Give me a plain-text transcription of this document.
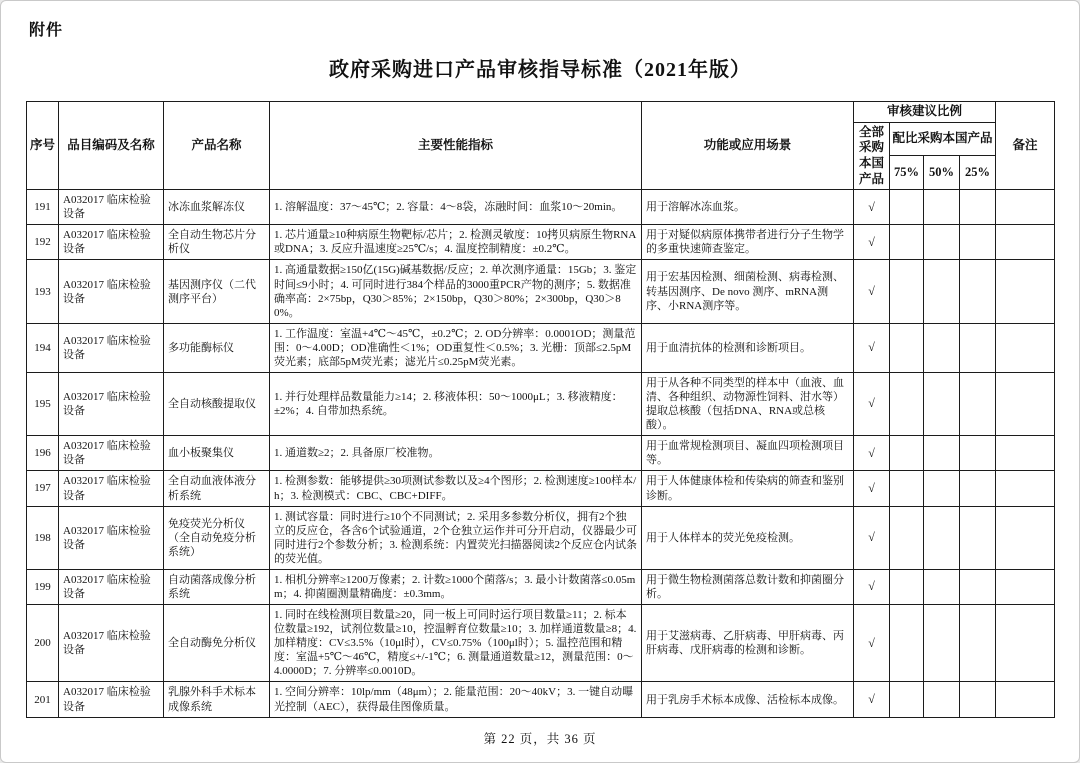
附件
政府采购进口产品审核指导标准（2021年版）
序号	品目编码及名称	产品名称	主要性能指标	功能或应用场景	审核建议比例				备注
					全部采购本国产品	配比采购本国产品			
						75%	50%	25%	
191	A032017 临床检验设备	冰冻血浆解冻仪	1. 溶解温度：37～45℃；2. 容量：4～8袋，冻融时间：血浆10～20min。	用于溶解冰冻血浆。	√				
192	A032017 临床检验设备	全自动生物芯片分析仪	1. 芯片通量≥10种病原生物靶标/芯片；2. 检测灵敏度：10拷贝病原生物RNA或DNA；3. 反应升温速度≥25℃/s；4. 温度控制精度：±0.2℃。	用于对疑似病原体携带者进行分子生物学的多重快速筛查鉴定。	√				
193	A032017 临床检验设备	基因测序仪（二代测序平台）	1. 高通量数据≥150亿(15G)碱基数据/反应；2. 单次测序通量：15Gb；3. 鉴定时间≤9小时；4. 可同时进行384个样品的3000重PCR产物的测序；5. 数据准确率高：2×75bp，Q30＞85%；2×150bp，Q30＞80%；2×300bp，Q30＞80%。	用于宏基因检测、细菌检测、病毒检测、转基因测序、De novo 测序、mRNA测序、小RNA测序等。	√				
194	A032017 临床检验设备	多功能酶标仪	1. 工作温度：室温+4℃～45℃，±0.2℃；2. OD分辨率：0.0001OD；测量范围：0～4.00D；OD准确性＜1%；OD重复性＜0.5%；3. 光栅：顶部≤2.5pM荧光素；底部5pM荧光素；滤光片≤0.25pM荧光素。	用于血清抗体的检测和诊断项目。	√				
195	A032017 临床检验设备	全自动核酸提取仪	1. 并行处理样品数量能力≥14；2. 移液体积：50～1000μL；3. 移液精度：±2%；4. 自带加热系统。	用于从各种不同类型的样本中（血液、血清、各种组织、动物源性饲料、泔水等）提取总核酸（包括DNA、RNA或总核酸）。	√				
196	A032017 临床检验设备	血小板聚集仪	1. 通道数≥2；2. 具备原厂校准物。	用于血常规检测项目、凝血四项检测项目等。	√				
197	A032017 临床检验设备	全自动血液体液分析系统	1. 检测参数：能够提供≥30项测试参数以及≥4个图形；2. 检测速度≥100样本/h；3. 检测模式：CBC、CBC+DIFF。	用于人体健康体检和传染病的筛查和鉴别诊断。	√				
198	A032017 临床检验设备	免疫荧光分析仪（全自动免疫分析系统）	1. 测试容量：同时进行≥10个不同测试；2. 采用多参数分析仪，拥有2个独立的反应仓，各含6个试验通道，2个仓独立运作并可分开启动，仪器最少可同时进行2个参数分析；3. 检测系统：内置荧光扫描器阅读2个反应仓内试条的荧光值。	用于人体样本的荧光免疫检测。	√				
199	A032017 临床检验设备	自动菌落成像分析系统	1. 相机分辨率≥1200万像素；2. 计数≥1000个菌落/s；3. 最小计数菌落≤0.05mm；4. 抑菌圈测量精确度：±0.3mm。	用于微生物检测菌落总数计数和抑菌圈分析。	√				
200	A032017 临床检验设备	全自动酶免分析仪	1. 同时在线检测项目数量≥20，同一板上可同时运行项目数量≥11；2. 标本位数量≥192，试剂位数量≥10，控温孵育位数量≥10；3. 加样通道数量≥8；4. 加样精度：CV≤3.5%（10μl时），CV≤0.75%（100μl时）；5. 温控范围和精度：室温+5℃～46℃，精度≤+/-1℃；6. 测量通道数量≥12，测量范围：0～4.0000D；7. 分辨率≤0.0010D。	用于艾滋病毒、乙肝病毒、甲肝病毒、丙肝病毒、戊肝病毒的检测和诊断。	√				
201	A032017 临床检验设备	乳腺外科手术标本成像系统	1. 空间分辨率：10lp/mm（48μm）；2. 能量范围：20～40kV；3. 一键自动曝光控制（AEC），获得最佳图像质量。	用于乳房手术标本成像、活检标本成像。	√				
第 22 页，共 36 页
